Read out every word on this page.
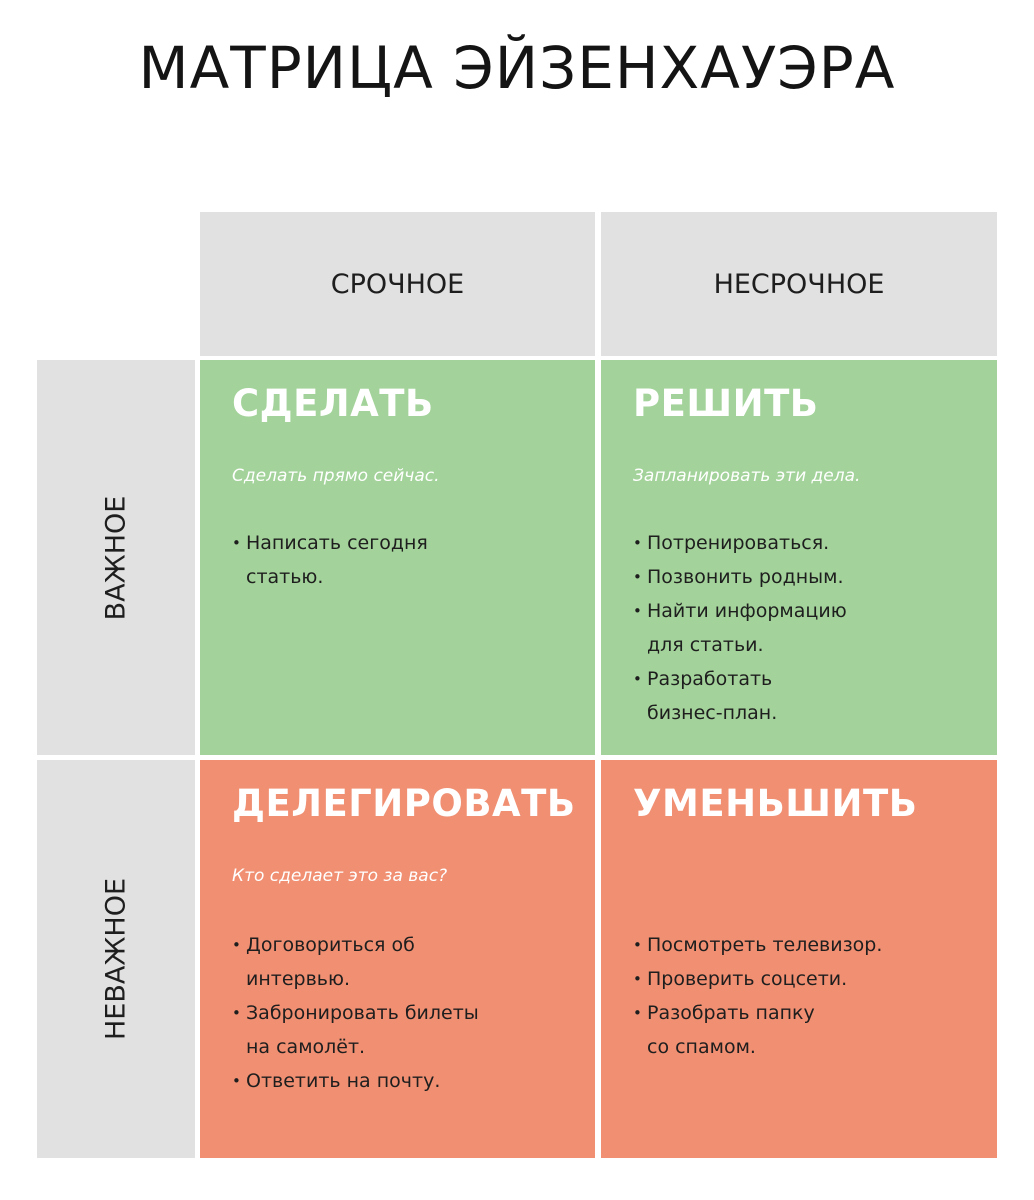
МАТРИЦА ЭЙЗЕНХАУЭРА
СРОЧНОЕ	НЕСРОЧНОЕ
ВАЖНОЕ
НЕВАЖНОЕ
СДЕЛАТЬ
Сделать прямо сейчас.
• Написать сегодня
статью.
РЕШИТЬ
Запланировать эти дела.
• Потренироваться.
• Позвонить родным.
• Найти информацию
для статьи.
• Разработать
бизнес-план.
ДЕЛЕГИРОВАТЬ
Кто сделает это за вас?
• Договориться об
интервью.
• Забронировать билеты
на самолёт.
• Ответить на почту.
УМЕНЬШИТЬ
• Посмотреть телевизор.
• Проверить соцсети.
• Разобрать папку
со спамом.
